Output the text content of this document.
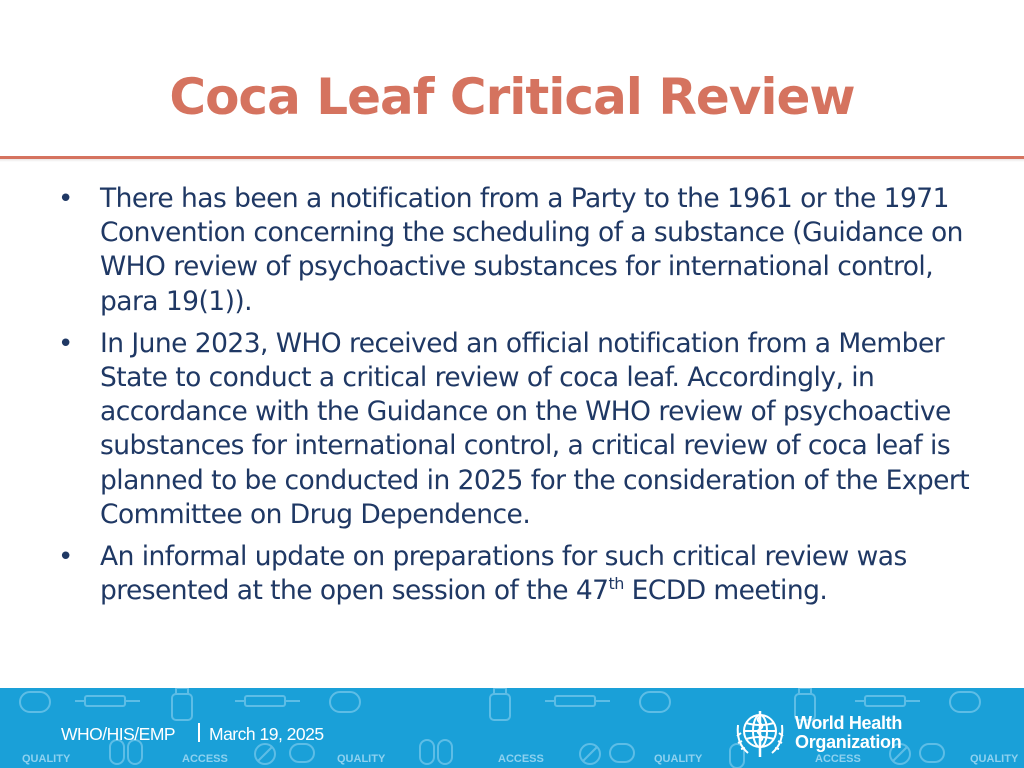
Coca Leaf Critical Review
• There has been a notification from a Party to the 1961 or the 1971 Convention concerning the scheduling of a substance (Guidance on WHO review of psychoactive substances for international control, para 19(1)).
• In June 2023, WHO received an official notification from a Member State to conduct a critical review of coca leaf. Accordingly, in accordance with the Guidance on the WHO review of psychoactive substances for international control, a critical review of coca leaf is planned to be conducted in 2025 for the consideration of the Expert Committee on Drug Dependence.
• An informal update on preparations for such critical review was presented at the open session of the 47th ECDD meeting.
QUALITY	ACCESS	QUALITY	ACCESS	QUALITY	ACCESS	QUALITY
WHO/HIS/EMP March 19, 2025
World Health
Organization
